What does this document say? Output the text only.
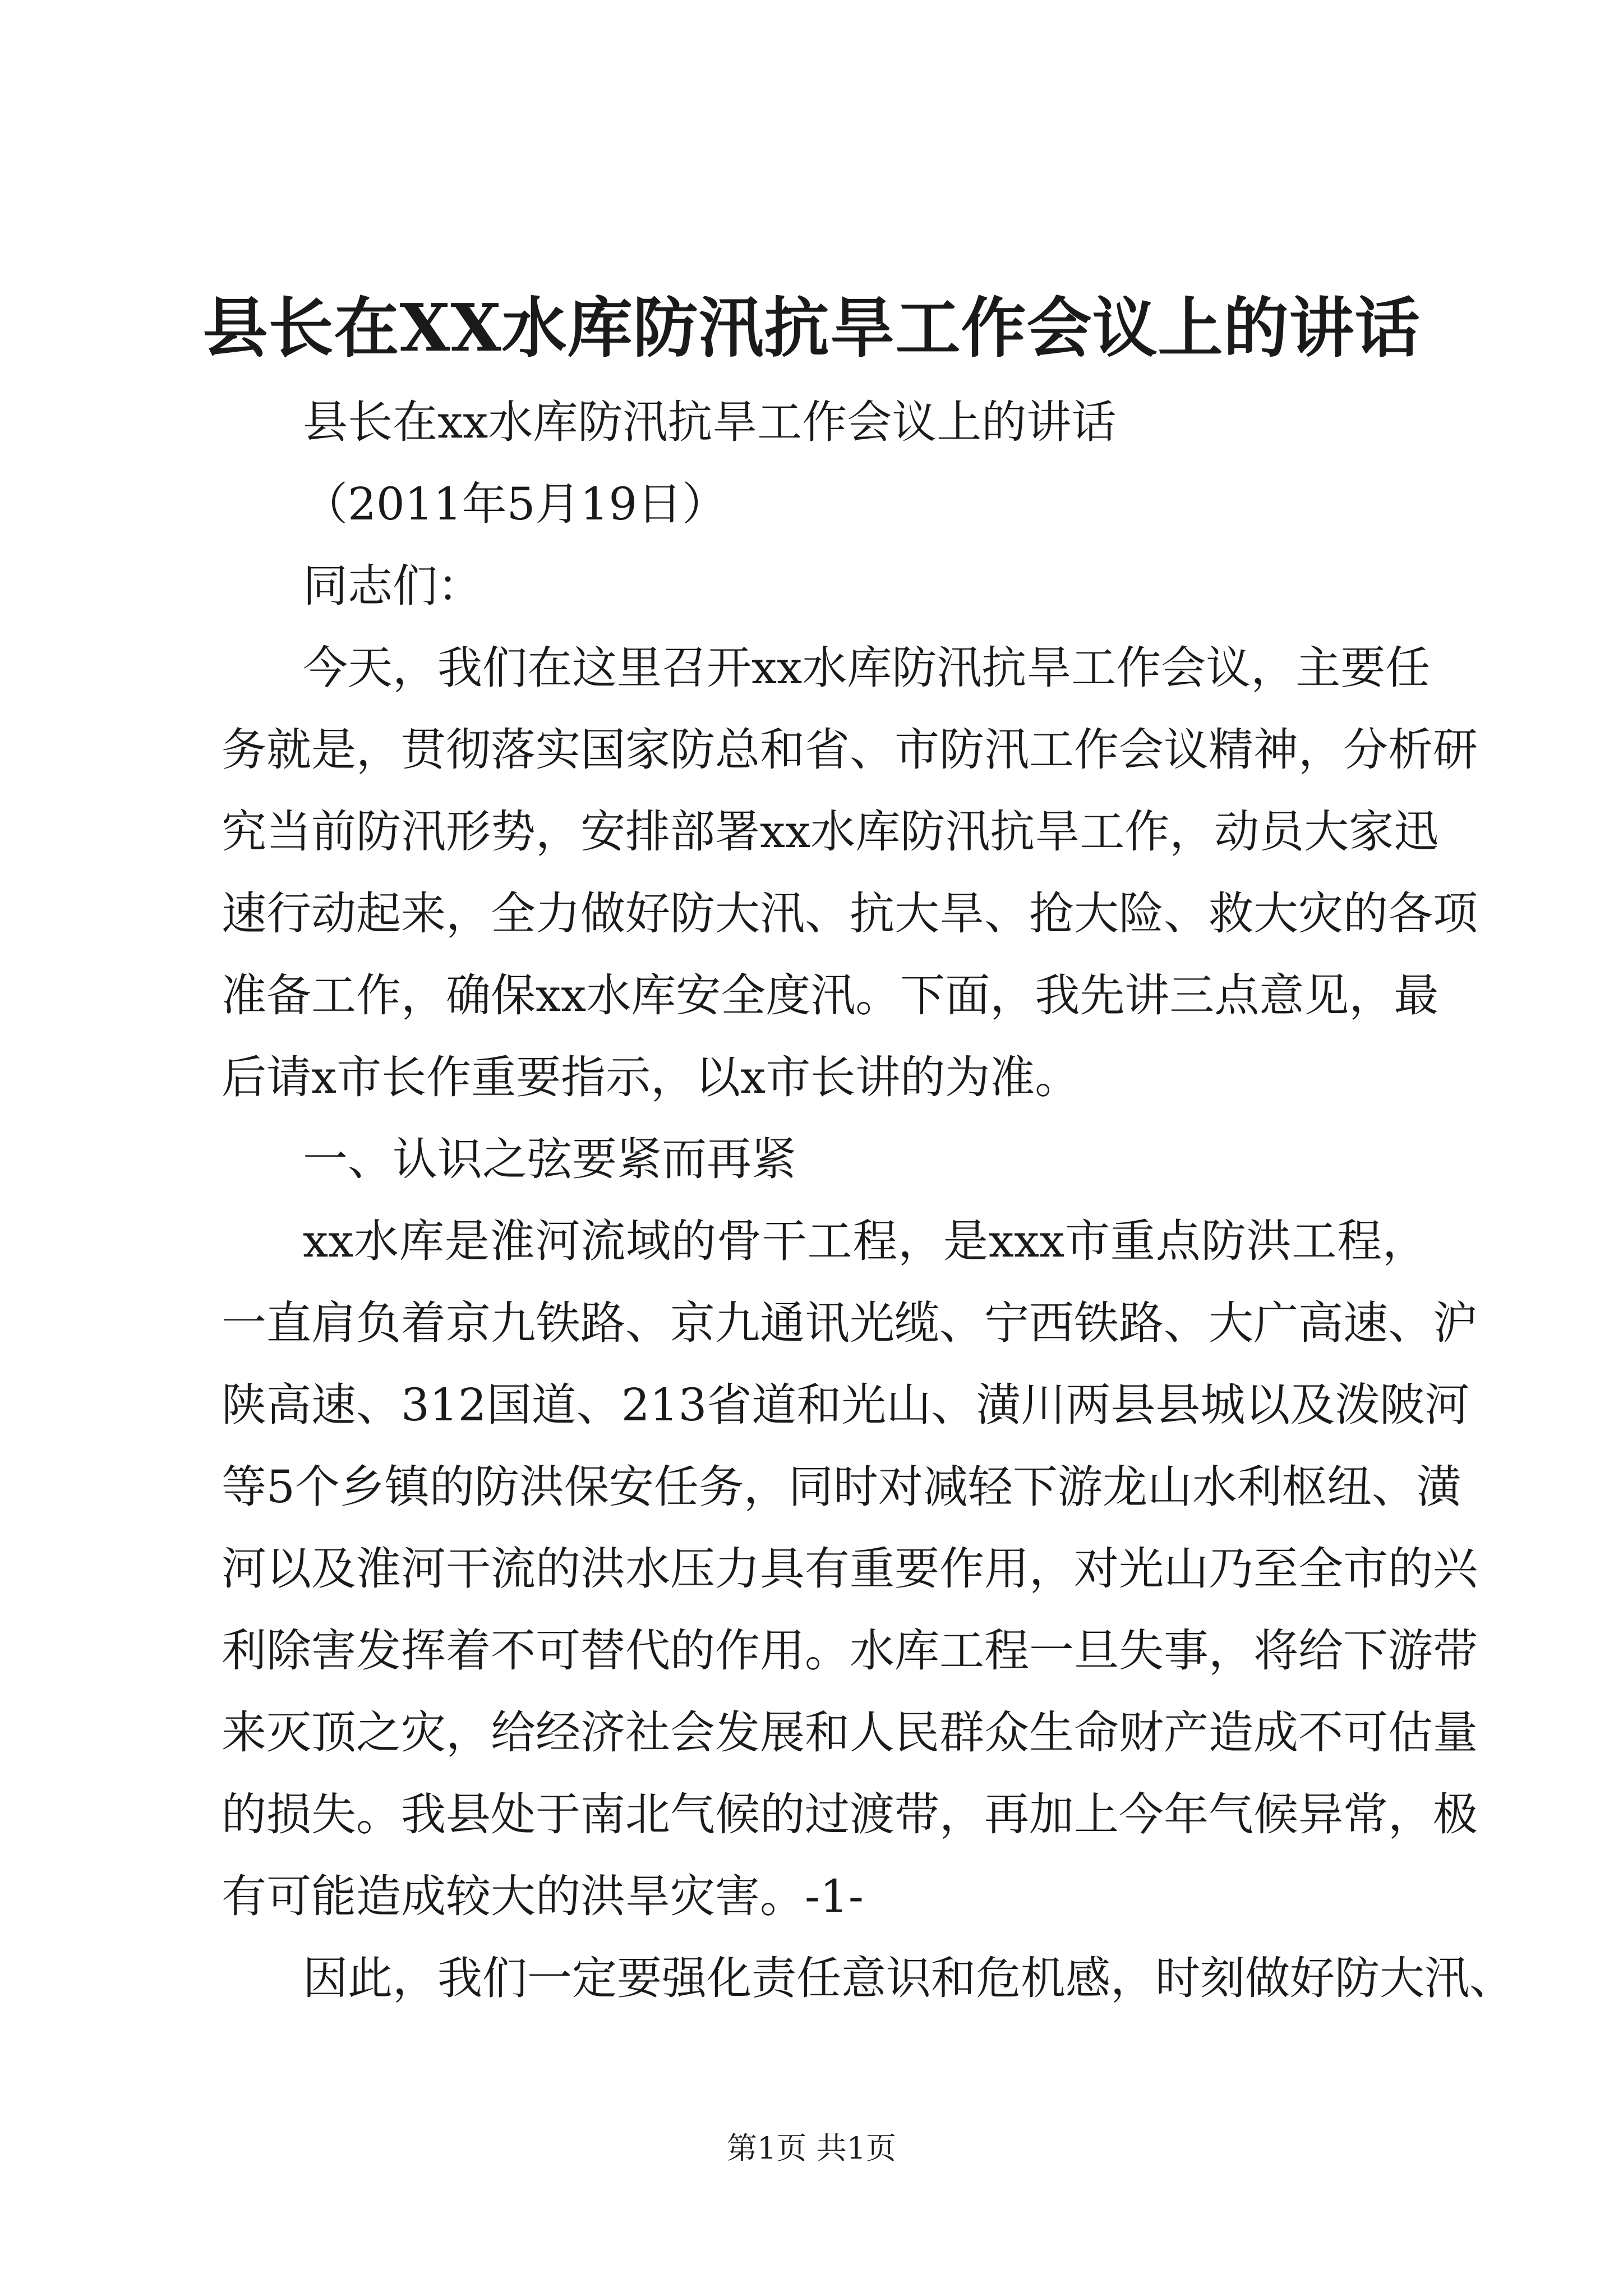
县长在XX水库防汛抗旱工作会议上的讲话
县长在xx水库防汛抗旱工作会议上的讲话
（2011年5月19日）
同志们：
今天，我们在这里召开xx水库防汛抗旱工作会议，主要任
务就是，贯彻落实国家防总和省、市防汛工作会议精神，分析研
究当前防汛形势，安排部署xx水库防汛抗旱工作，动员大家迅
速行动起来，全力做好防大汛、抗大旱、抢大险、救大灾的各项
准备工作，确保xx水库安全度汛。下面，我先讲三点意见，最
后请x市长作重要指示，以x市长讲的为准。
一、认识之弦要紧而再紧
xx水库是淮河流域的骨干工程，是xxx市重点防洪工程，
一直肩负着京九铁路、京九通讯光缆、宁西铁路、大广高速、沪
陕高速、312国道、213省道和光山、潢川两县县城以及泼陂河
等5个乡镇的防洪保安任务，同时对减轻下游龙山水利枢纽、潢
河以及淮河干流的洪水压力具有重要作用，对光山乃至全市的兴
利除害发挥着不可替代的作用。水库工程一旦失事，将给下游带
来灭顶之灾，给经济社会发展和人民群众生命财产造成不可估量
的损失。我县处于南北气候的过渡带，再加上今年气候异常，极
有可能造成较大的洪旱灾害。-1-
因此，我们一定要强化责任意识和危机感，时刻做好防大汛、
第1页 共1页
